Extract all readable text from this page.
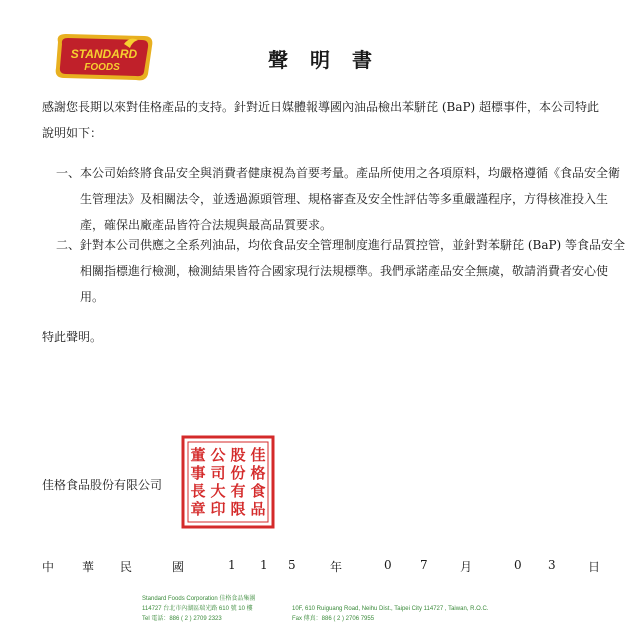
STANDARD
FOODS	聲明書
感謝您長期以來對佳格產品的支持。針對近日媒體報導國內油品檢出苯駢芘 (BaP) 超標事件，本公司特此說明如下：
一、本公司始終將食品安全與消費者健康視為首要考量。產品所使用之各項原料，均嚴格遵循《食品安全衛生管理法》及相關法令，並透過源頭管理、規格審查及安全性評估等多重嚴謹程序，方得核准投入生產，確保出廠產品皆符合法規與最高品質要求。
二、針對本公司供應之全系列油品，均依食品安全管理制度進行品質控管，並針對苯駢芘 (BaP) 等食品安全相關指標進行檢測，檢測結果皆符合國家現行法規標準。我們承諾產品安全無虞，敬請消費者安心使用。
特此聲明。
佳格食品股份有限公司
佳
格
食
品
股
份
有
限
公
司
大
印
董
事
長
章
中 華 民	國	1 1 5	年	0 7	月	0 3	日
Standard Foods Corporation 佳格食品集團
114727 台北市內湖區瑞光路 610 號 10 樓
Tel 電話：886 ( 2 ) 2709 2323
10F, 610 Ruiguang Road, Neihu Dist., Taipei City 114727 , Taiwan, R.O.C.
Fax 傳真：886 ( 2 ) 2706 7955
